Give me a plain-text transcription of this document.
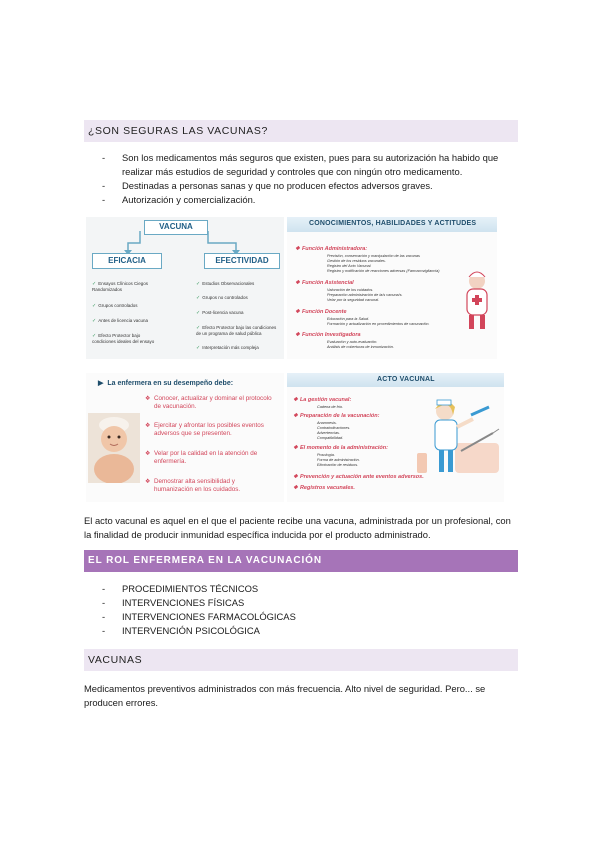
¿SON SEGURAS LAS VACUNAS?
- Son los medicamentos más seguros que existen, pues para su autorización ha habido que realizar más estudios de seguridad y controles que con ningún otro medicamento.
- Destinadas a personas sanas y que no producen efectos adversos graves.
- Autorización y comercialización.
VACUNA
EFICACIA	EFECTIVIDAD
✓ Ensayos Clínicos Ciegos Randomizados
✓ Grupos controlados
✓ Antes de licencia vacuna
✓ Efecto Protector bajo condiciones ideales del ensayo
✓ Estudios Observacionales
✓ Grupos no controlados
✓ Post-licencia vacuna
✓ Efecto Protector bajo las condiciones de un programa de salud pública
✓ Interpretación más compleja
CONOCIMIENTOS, HABILIDADES Y ACTITUDES
❖ Función Administradora:
Previsión, conservación y manipulación de las vacunas
Gestión de los residuos vacunales.
Registro del Acto Vacunal.
Registro y notificación de reacciones adversas (Farmacovigilancia)
❖ Función Asistencial
Valoración de los cuidados.
Preparación administración de la/s vacuna/s.
Velar por la seguridad vacunal.
❖ Función Docente
Educación para la Salud.
Formación y actualización en procedimientos de vacunación.
❖ Función Investigadora
Evaluación y auto-evaluación.
Análisis de coberturas de inmunización.
▶ La enfermera en su desempeño debe:
❖ Conocer, actualizar y dominar el protocolo de vacunación.
❖ Ejercitar y afrontar los posibles eventos adversos que se presenten.
❖ Velar por la calidad en la atención de enfermería.
❖ Demostrar alta sensibilidad y humanización en los cuidados.
ACTO VACUNAL
❖ La gestión vacunal:
Cadena de frío.
❖ Preparación de la vacunación:
Anamnesis.
Contraindicaciones.
Advertencias.
Compatibilidad.
❖ El momento de la administración:
Posología.
Forma de administración.
Eliminación de residuos.
❖ Prevención y actuación ante eventos adversos.
❖ Registros vacunales.
El acto vacunal es aquel en el que el paciente recibe una vacuna, administrada por un profesional, con la finalidad de producir inmunidad específica inducida por el producto administrado.
EL ROL ENFERMERA EN LA VACUNACIÓN
- PROCEDIMIENTOS TÉCNICOS
- INTERVENCIONES FÍSICAS
- INTERVENCIONES FARMACOLÓGICAS
- INTERVENCIÓN PSICOLÓGICA
VACUNAS
Medicamentos preventivos administrados con más frecuencia. Alto nivel de seguridad. Pero... se producen errores.
